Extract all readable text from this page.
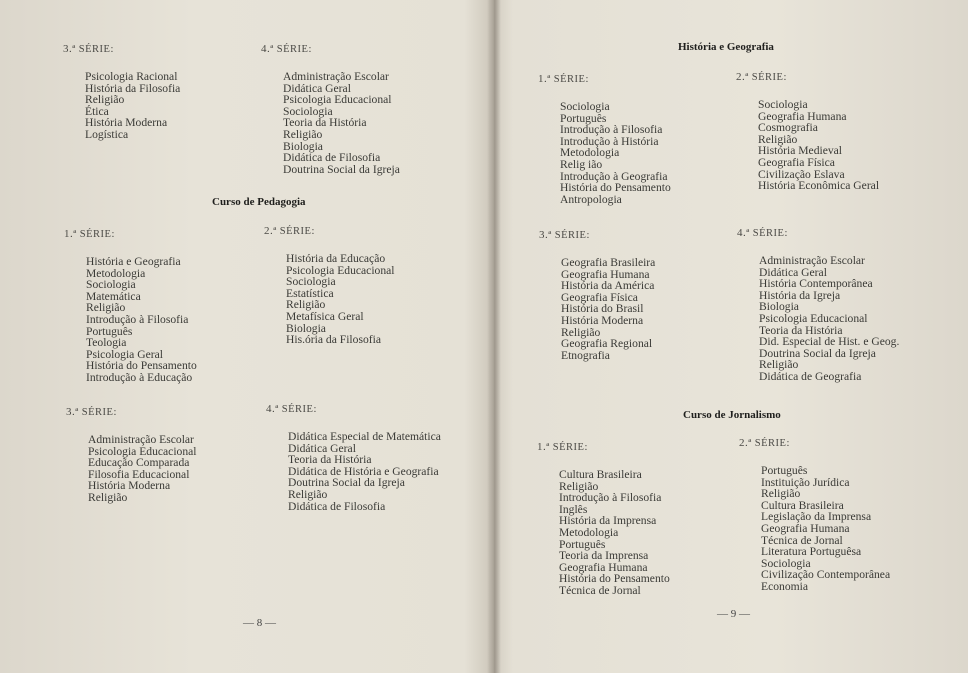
3.ª SÉRIE:
Psicologia Racional
História da Filosofia
Religião
Ética
História Moderna
Logística
4.ª SÉRIE:
Administração Escolar
Didática Geral
Psicologia Educacional
Sociologia
Teoria da História
Religião
Biologia
Didática de Filosofia
Doutrina Social da Igreja
Curso de Pedagogia
1.ª SÉRIE:
História e Geografia
Metodologia
Sociologia
Matemática
Religião
Introdução à Filosofia
Português
Teologia
Psicologia Geral
História do Pensamento
Introdução à Educação
2.ª SÉRIE:
História da Educação
Psicologia Educacional
Sociologia
Estatística
Religião
Metafísica Geral
Biologia
His.ória da Filosofia
3.ª SÉRIE:
Administração Escolar
Psicologia Educacional
Educação Comparada
Filosofia Educacional
História Moderna
Religião
4.ª SÉRIE:
Didática Especial de Matemática
Didática Geral
Teoria da História
Didática de História e Geografia
Doutrina Social da Igreja
Religião
Didática de Filosofia
— 8 —
História e Geografia
1.ª SÉRIE:
Sociologia
Português
Introdução à Filosofia
Introdução à História
Metodologia
Relig ião
Introdução à Geografia
História do Pensamento
Antropologia
2.ª SÉRIE:
Sociologia
Geografia Humana
Cosmografia
Religião
História Medieval
Geografia Física
Civilização Eslava
História Econômica Geral
3.ª SÉRIE:
Geografia Brasileira
Geografia Humana
História da América
Geografia Física
História do Brasil
História Moderna
Religião
Geografia Regional
Etnografia
4.ª SÉRIE:
Administração Escolar
Didática Geral
História Contemporânea
História da Igreja
Biologia
Psicologia Educacional
Teoria da História
Did. Especial de Hist. e Geog.
Doutrina Social da Igreja
Religião
Didática de Geografia
Curso de Jornalismo
1.ª SÉRIE:
Cultura Brasileira
Religião
Introdução à Filosofia
Inglês
História da Imprensa
Metodologia
Português
Teoria da Imprensa
Geografia Humana
História do Pensamento
Técnica de Jornal
2.ª SÉRIE:
Português
Instituição Jurídica
Religião
Cultura Brasileira
Legislação da Imprensa
Geografia Humana
Técnica de Jornal
Literatura Portuguêsa
Sociologia
Civilização Contemporânea
Economia
— 9 —
